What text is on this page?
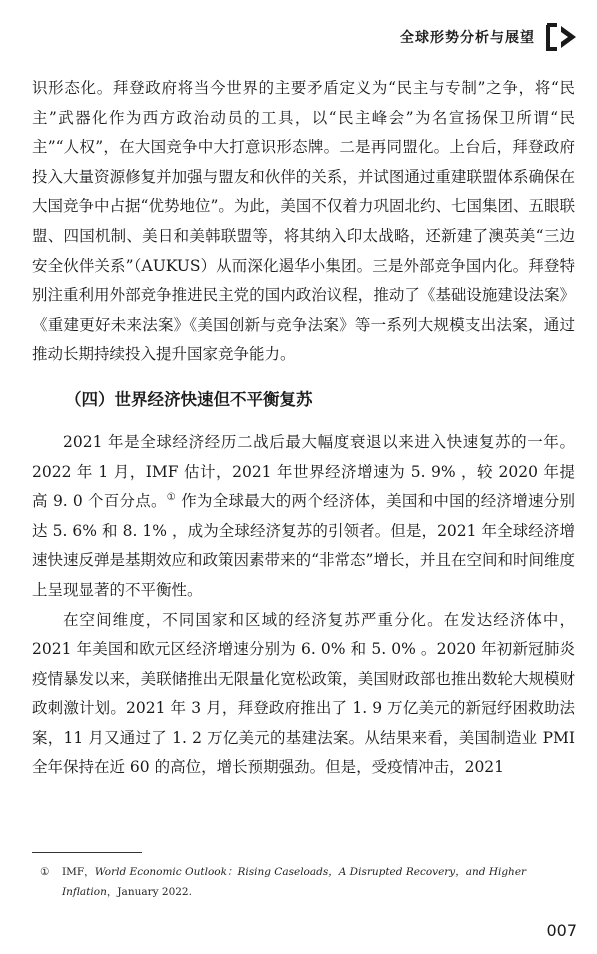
全球形势分析与展望

识形态化。拜登政府将当今世界的主要矛盾定义为“民主与专制”之争，将“民主”武器化作为西方政治动员的工具，以“民主峰会”为名宣扬保卫所谓“民主”“人权”，在大国竞争中大打意识形态牌。二是再同盟化。上台后，拜登政府投入大量资源修复并加强与盟友和伙伴的关系，并试图通过重建联盟体系确保在大国竞争中占据“优势地位”。为此，美国不仅着力巩固北约、七国集团、五眼联盟、四国机制、美日和美韩联盟等，将其纳入印太战略，还新建了澳英美“三边安全伙伴关系”（AUKUS）从而深化遏华小集团。三是外部竞争国内化。拜登特别注重利用外部竞争推进民主党的国内政治议程，推动了《基础设施建设法案》《重建更好未来法案》《美国创新与竞争法案》等一系列大规模支出法案，通过推动长期持续投入提升国家竞争能力。

（四）世界经济快速但不平衡复苏

2021 年是全球经济经历二战后最大幅度衰退以来进入快速复苏的一年。2022 年 1 月，IMF 估计，2021 年世界经济增速为 5. 9% ，较 2020 年提高 9. 0 个百分点。① 作为全球最大的两个经济体，美国和中国的经济增速分别达 5. 6% 和 8. 1% ，成为全球经济复苏的引领者。但是，2021 年全球经济增速快速反弹是基期效应和政策因素带来的“非常态”增长，并且在空间和时间维度上呈现显著的不平衡性。

在空间维度，不同国家和区域的经济复苏严重分化。在发达经济体中，2021 年美国和欧元区经济增速分别为 6. 0% 和 5. 0% 。2020 年初新冠肺炎疫情暴发以来，美联储推出无限量化宽松政策，美国财政部也推出数轮大规模财政刺激计划。2021 年 3 月，拜登政府推出了 1. 9 万亿美元的新冠纾困救助法案，11 月又通过了 1. 2 万亿美元的基建法案。从结果来看，美国制造业 PMI 全年保持在近 60 的高位，增长预期强劲。但是，受疫情冲击，2021

① IMF，World Economic Outlook：Rising Caseloads，A Disrupted Recovery，and Higher Inflation，January 2022.
007
